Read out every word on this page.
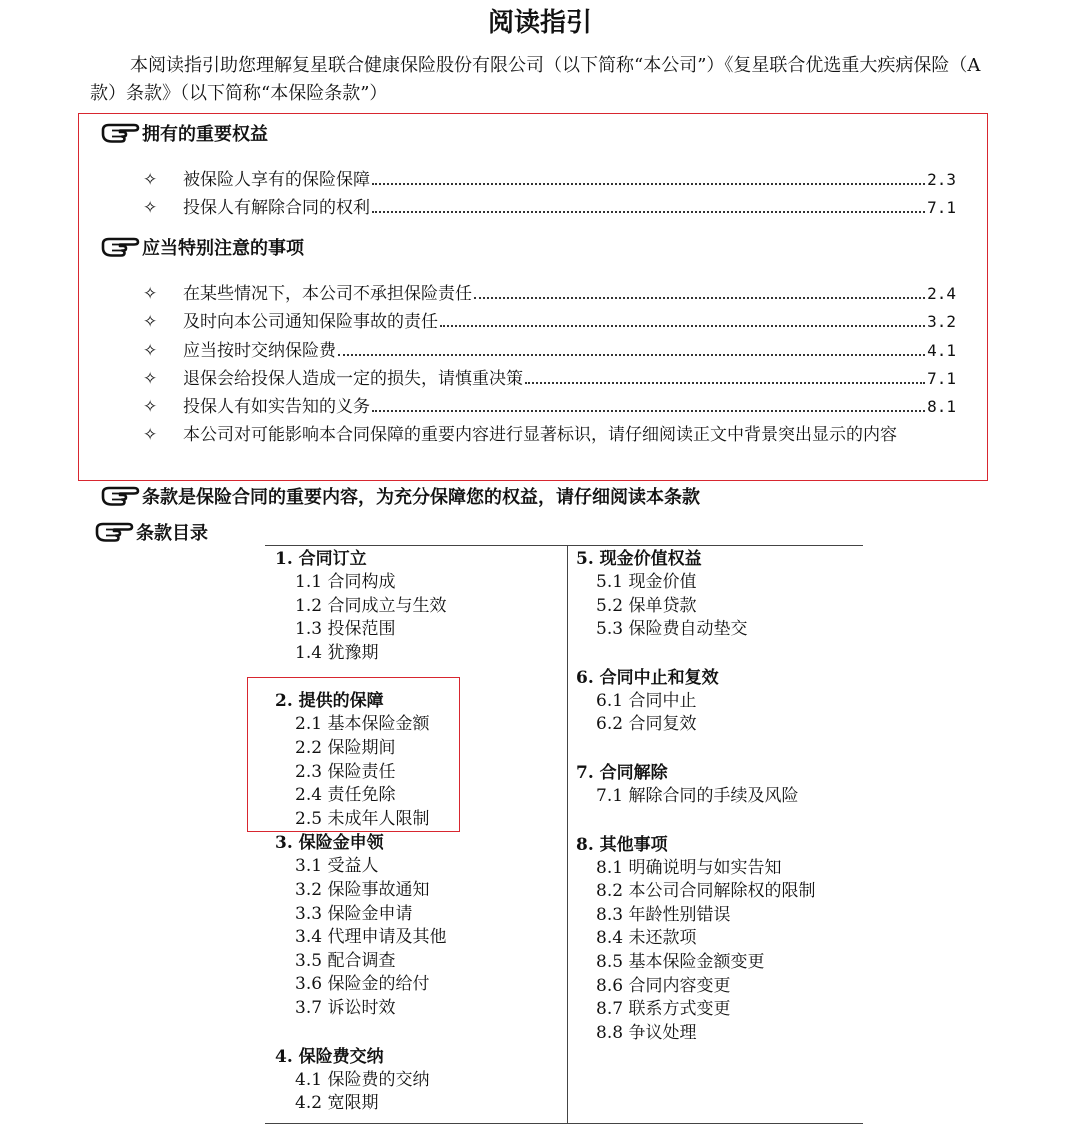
阅读指引
本阅读指引助您理解复星联合健康保险股份有限公司（以下简称“本公司”）《复星联合优选重大疾病保险（A款）条款》（以下简称“本保险条款”）
拥有的重要权益
✧	被保险人享有的保险保障	2.3
✧	投保人有解除合同的权利	7.1
应当特别注意的事项
✧	在某些情况下，本公司不承担保险责任	2.4
✧	及时向本公司通知保险事故的责任	3.2
✧	应当按时交纳保险费	4.1
✧	退保会给投保人造成一定的损失，请慎重决策	7.1
✧	投保人有如实告知的义务	8.1
✧	本公司对可能影响本合同保障的重要内容进行显著标识，请仔细阅读正文中背景突出显示的内容
条款是保险合同的重要内容，为充分保障您的权益，请仔细阅读本条款
条款目录
1. 合同订立
1.1 合同构成
1.2 合同成立与生效
1.3 投保范围
1.4 犹豫期
2. 提供的保障
2.1 基本保险金额
2.2 保险期间
2.3 保险责任
2.4 责任免除
2.5 未成年人限制
3. 保险金申领
3.1 受益人
3.2 保险事故通知
3.3 保险金申请
3.4 代理申请及其他
3.5 配合调查
3.6 保险金的给付
3.7 诉讼时效
4. 保险费交纳
4.1 保险费的交纳
4.2 宽限期
5. 现金价值权益
5.1 现金价值
5.2 保单贷款
5.3 保险费自动垫交
6. 合同中止和复效
6.1 合同中止
6.2 合同复效
7. 合同解除
7.1 解除合同的手续及风险
8. 其他事项
8.1 明确说明与如实告知
8.2 本公司合同解除权的限制
8.3 年龄性别错误
8.4 未还款项
8.5 基本保险金额变更
8.6 合同内容变更
8.7 联系方式变更
8.8 争议处理
